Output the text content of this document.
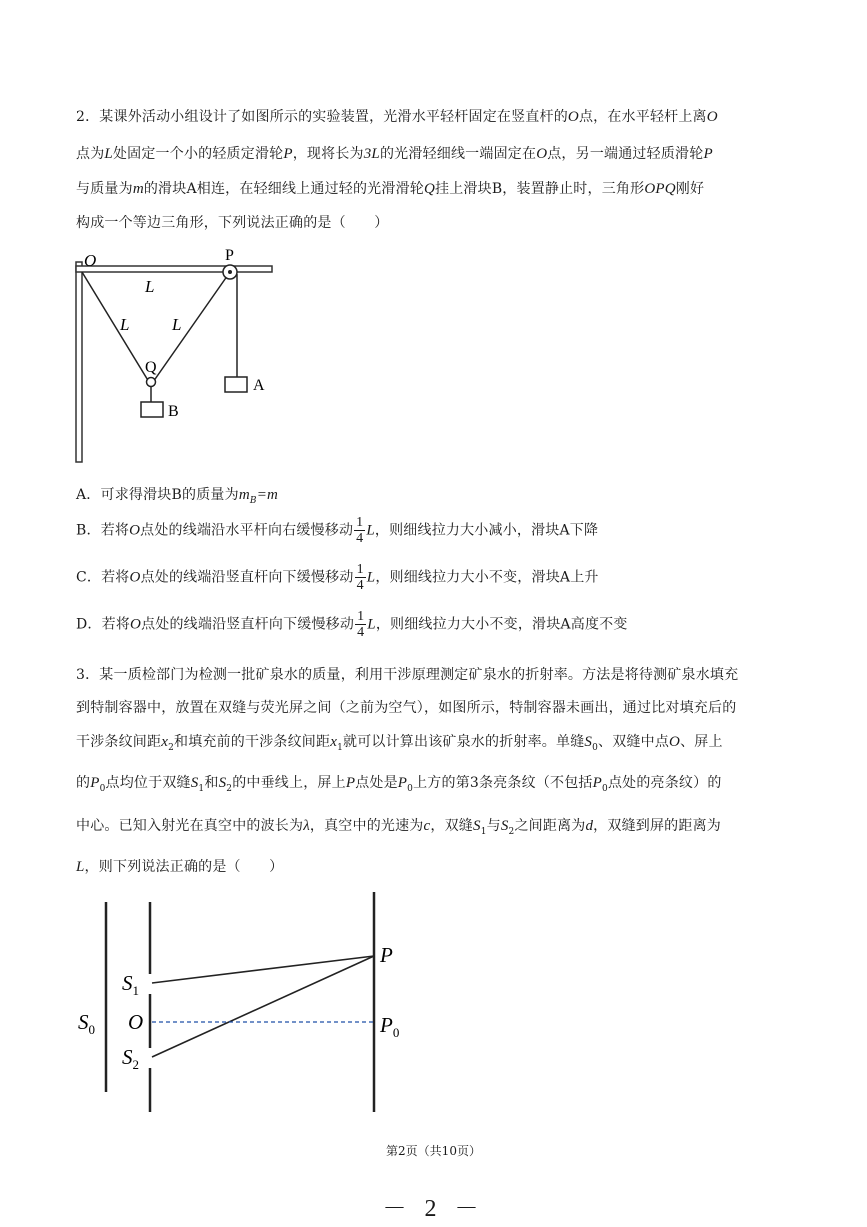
2．某课外活动小组设计了如图所示的实验装置，光滑水平轻杆固定在竖直杆的O点，在水平轻杆上离O
点为L处固定一个小的轻质定滑轮P，现将长为3L的光滑轻细线一端固定在O点，另一端通过轻质滑轮P
与质量为m的滑块A相连，在轻细线上通过轻的光滑滑轮Q挂上滑块B，装置静止时，三角形OPQ刚好
构成一个等边三角形，下列说法正确的是（　　）
O	P
L
L	L
Q
A
B
A．可求得滑块B的质量为$m_B=m$
B．若将O点处的线端沿水平杆向右缓慢移动 $\frac{1}{4}$ L，则细线拉力大小减小，滑块A下降
C．若将O点处的线端沿竖直杆向下缓慢移动 $\frac{1}{4}$ L，则细线拉力大小不变，滑块A上升
D．若将O点处的线端沿竖直杆向下缓慢移动 $\frac{1}{4}$ L，则细线拉力大小不变，滑块A高度不变
3．某一质检部门为检测一批矿泉水的质量，利用干涉原理测定矿泉水的折射率。方法是将待测矿泉水填充
到特制容器中，放置在双缝与荧光屏之间（之前为空气），如图所示，特制容器未画出，通过比对填充后的
干涉条纹间距$x_2$和填充前的干涉条纹间距$x_1$就可以计算出该矿泉水的折射率。单缝$S_0$、双缝中点O、屏上
的$P_0$点均位于双缝$S_1$和$S_2$的中垂线上，屏上P点处是$P_0$上方的第3条亮条纹（不包括$P_0$点处的亮条纹）的
中心。已知入射光在真空中的波长为λ，真空中的光速为c，双缝$S_1$与$S_2$之间距离为d，双缝到屏的距离为
L，则下列说法正确的是（　　）
$S_0$
$S_1$
O
$S_2$
P
$P_0$
第2页（共10页）
－ 2 －
